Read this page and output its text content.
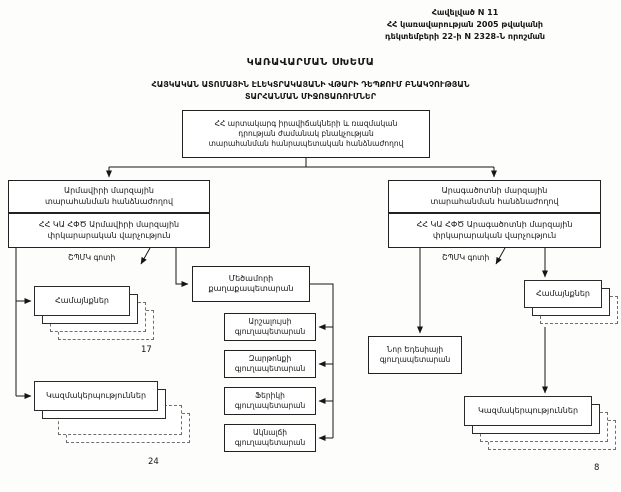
Հավելված N 11
ՀՀ կառավարության 2005 թվականի
դեկտեմբերի 22-ի N 2328-Ն որոշման
ԿԱՌԱՎԱՐՄԱՆ ՍԽԵՄԱ
ՀԱՅԿԱԿԱՆ ԱՏՈՄԱՅԻՆ ԷԼԵԿՏՐԱԿԱՅԱՆԻ ՎԹԱՐԻ ԴԵՊՔՈՒՄ ԲՆԱԿՉՈՒԹՅԱՆ
ՏԱՐՀԱՆՄԱՆ ՄԻՋՈՑԱՌՈՒՄՆԵՐ
ՀՀ արտակարգ իրավիճակների և ռազմական դրության ժամանակ բնակչության տարահանման հանրապետական հանձնաժողով
Արմավիրի մարզային տարահանման հանձնաժողով
ՀՀ ԿԱ ՀՓԾ Արմավիրի մարզային փրկարարական վարչություն
ՇՊՄԿ գոտի
Համայնքներ
17
Կազմակերպություններ
24
Մեծամորի քաղաքապետարան
Արշալույսի գյուղապետարան
Զարթոնքի գյուղապետարան
Ֆերիկի գյուղապետարան
Ակնալճի գյուղապետարան
Արագածոտնի մարզային տարահանման հանձնաժողով
ՀՀ ԿԱ ՀՓԾ Արագածոտնի մարզային փրկարարական վարչություն
ՇՊՄԿ գոտի
Համայնքներ
Նոր Եդեսիայի գյուղապետարան
Կազմակերպություններ
8
